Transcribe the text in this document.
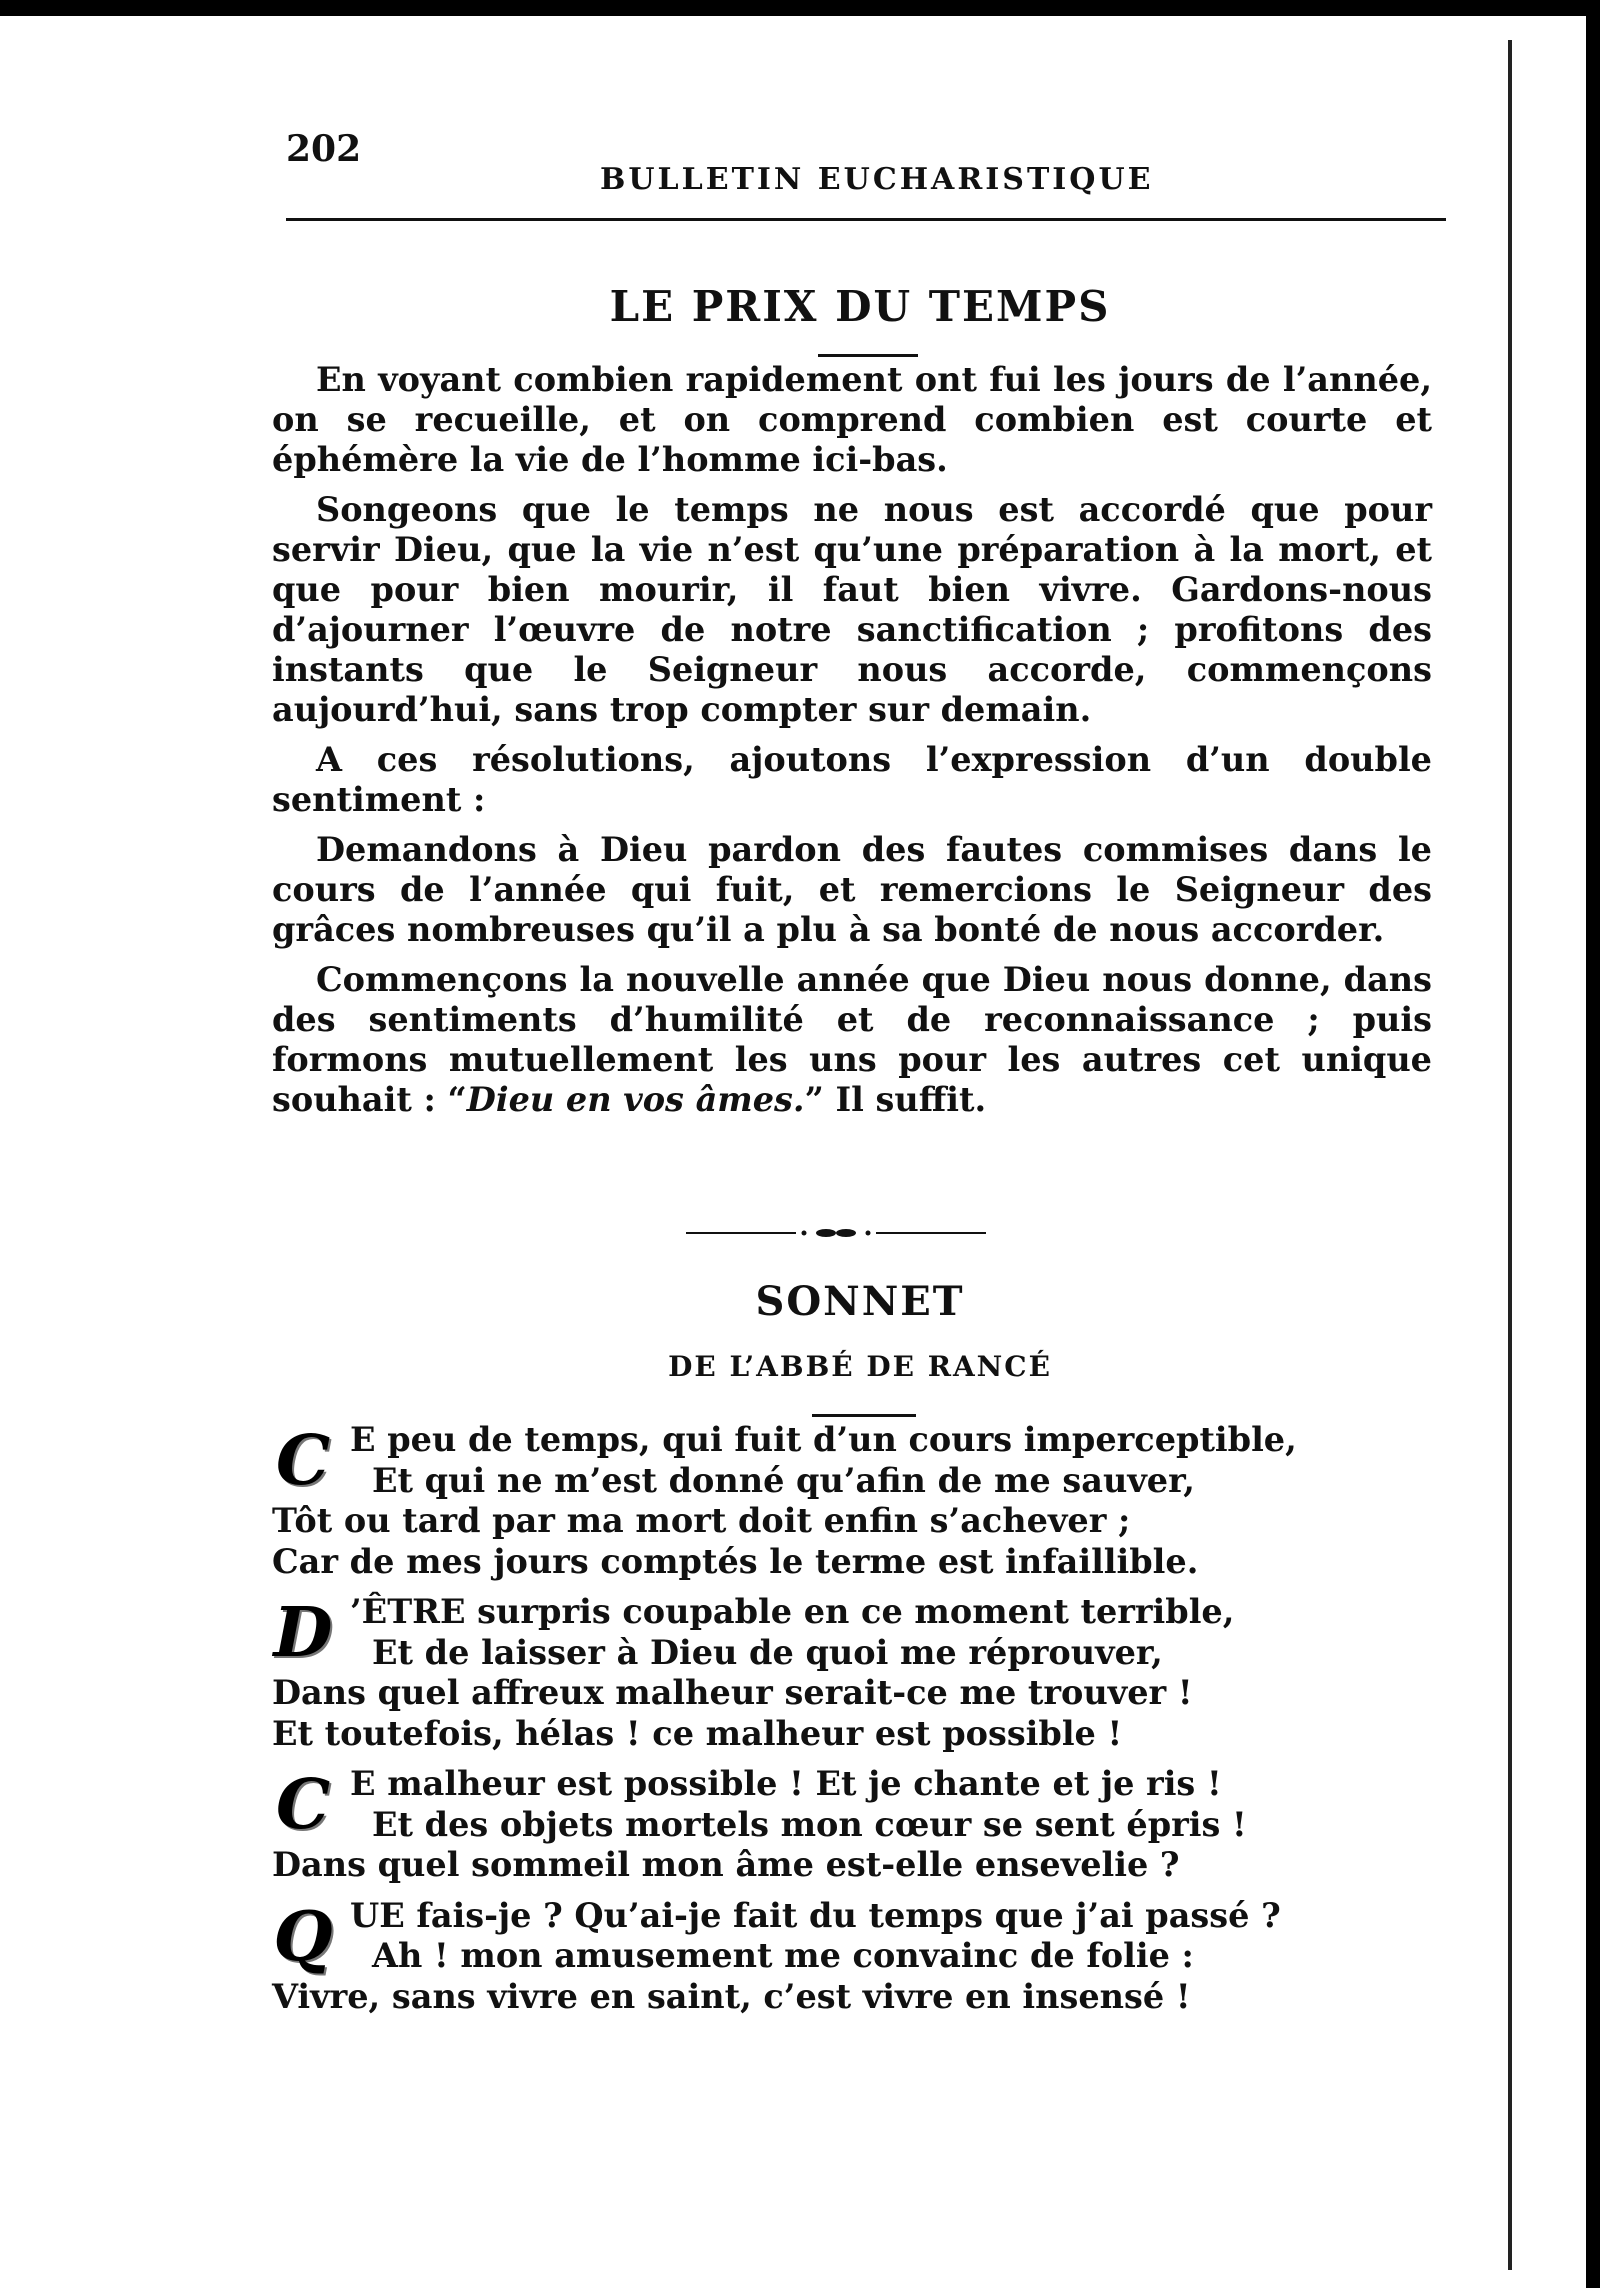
202
BULLETIN EUCHARISTIQUE
LE PRIX DU TEMPS

En voyant combien rapidement ont fui les jours de l’année, on se recueille, et on comprend combien est courte et éphémère la vie de l’homme ici-bas.

Songeons que le temps ne nous est accordé que pour servir Dieu, que la vie n’est qu’une préparation à la mort, et que pour bien mourir, il faut bien vivre. Gardons-nous d’ajourner l’œuvre de notre sanctification ; profitons des instants que le Seigneur nous accorde, commençons aujourd’hui, sans trop compter sur demain.

A ces résolutions, ajoutons l’expression d’un double sentiment :

Demandons à Dieu pardon des fautes commises dans le cours de l’année qui fuit, et remercions le Seigneur des grâces nombreuses qu’il a plu à sa bonté de nous accorder.

Commençons la nouvelle année que Dieu nous donne, dans des sentiments d’humilité et de reconnaissance ; puis formons mutuellement les uns pour les autres cet unique souhait : “Dieu en vos âmes.” Il suffit.

SONNET
DE L’ABBÉ DE RANCÉ
C E peu de temps, qui fuit d’un cours imperceptible,
Et qui ne m’est donné qu’afin de me sauver,
Tôt ou tard par ma mort doit enfin s’achever ;
Car de mes jours comptés le terme est infaillible.
D ’ÊTRE surpris coupable en ce moment terrible,
Et de laisser à Dieu de quoi me réprouver,
Dans quel affreux malheur serait-ce me trouver !
Et toutefois, hélas ! ce malheur est possible !
C E malheur est possible ! Et je chante et je ris !
Et des objets mortels mon cœur se sent épris !
Dans quel sommeil mon âme est-elle ensevelie ?
Q UE fais-je ? Qu’ai-je fait du temps que j’ai passé ?
Ah ! mon amusement me convainc de folie :
Vivre, sans vivre en saint, c’est vivre en insensé !
